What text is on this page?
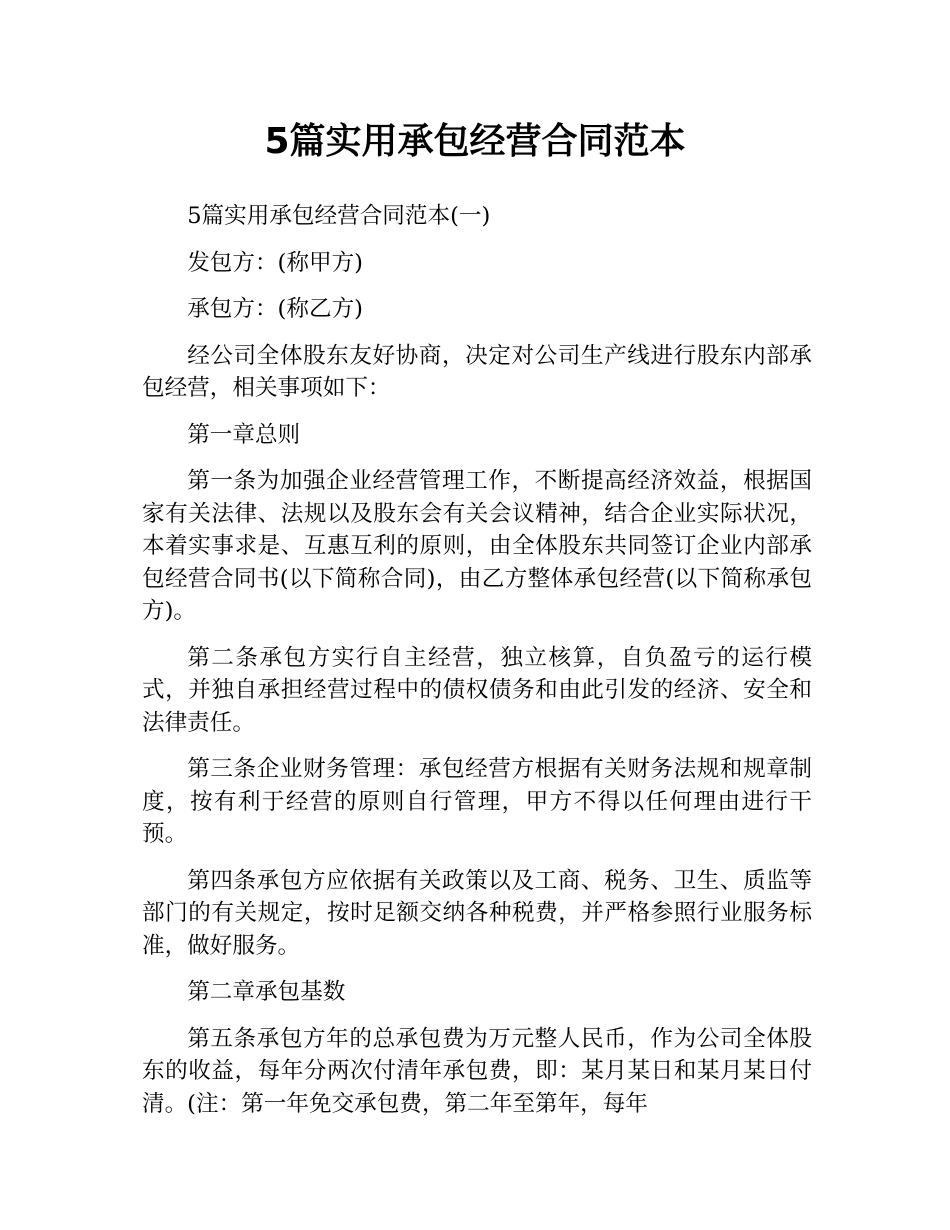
5篇实用承包经营合同范本

5篇实用承包经营合同范本(一)

发包方：(称甲方)

承包方：(称乙方)

经公司全体股东友好协商，决定对公司生产线进行股东内部承包经营，相关事项如下：

第一章总则

第一条为加强企业经营管理工作，不断提高经济效益，根据国家有关法律、法规以及股东会有关会议精神，结合企业实际状况，本着实事求是、互惠互利的原则，由全体股东共同签订企业内部承包经营合同书(以下简称合同)，由乙方整体承包经营(以下简称承包方)。

第二条承包方实行自主经营，独立核算，自负盈亏的运行模式，并独自承担经营过程中的债权债务和由此引发的经济、安全和法律责任。

第三条企业财务管理：承包经营方根据有关财务法规和规章制度，按有利于经营的原则自行管理，甲方不得以任何理由进行干预。

第四条承包方应依据有关政策以及工商、税务、卫生、质监等部门的有关规定，按时足额交纳各种税费，并严格参照行业服务标准，做好服务。

第二章承包基数

第五条承包方年的总承包费为万元整人民币，作为公司全体股东的收益，每年分两次付清年承包费，即：某月某日和某月某日付清。(注：第一年免交承包费，第二年至第年，每年
